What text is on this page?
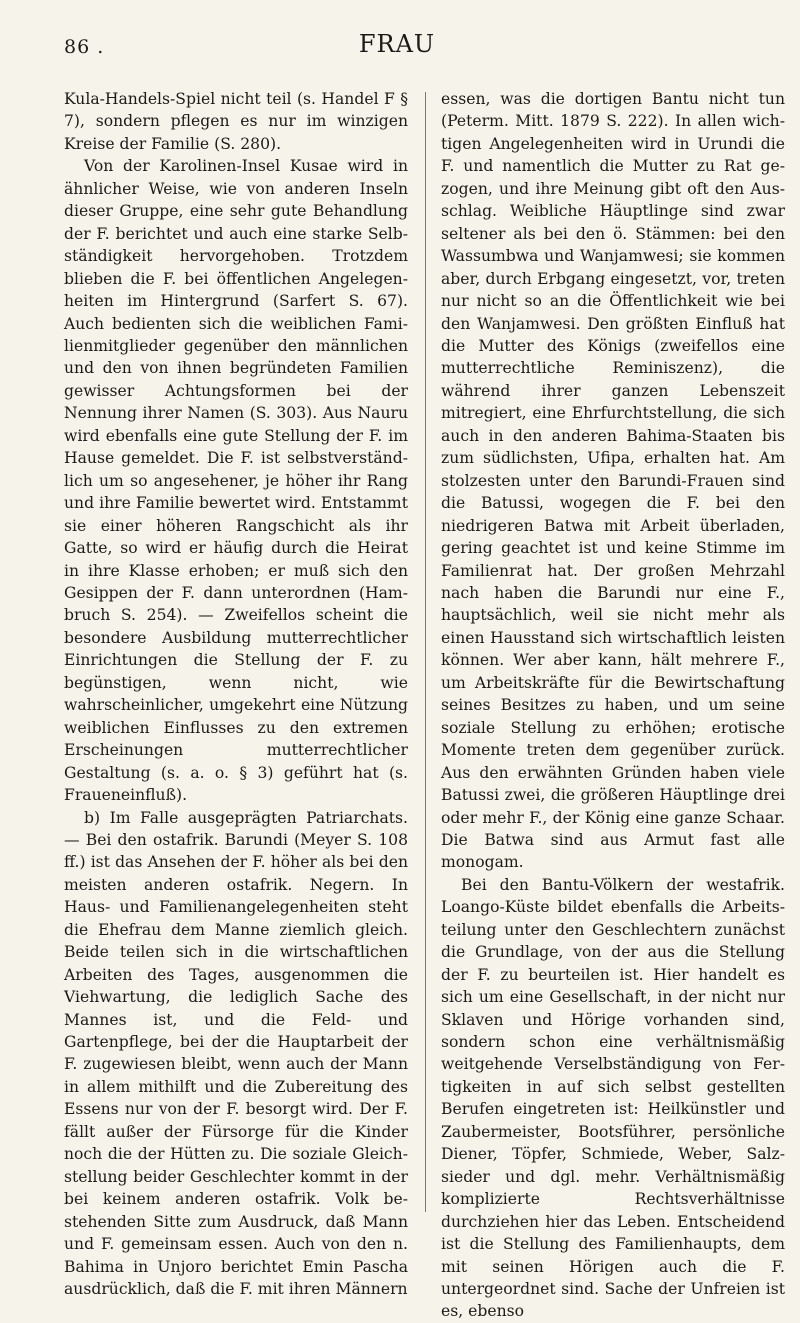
86 .	FRAU

Kula-Handels-Spiel nicht teil (s. Handel F § 7), sondern pflegen es nur im winzigen Kreise der Familie (S. 280).

Von der Karolinen-Insel Kusae wird in ähnlicher Weise, wie von anderen Inseln dieser Gruppe, eine sehr gute Behandlung der F. berichtet und auch eine starke Selbständigkeit hervorgehoben. Trotzdem blieben die F. bei öffentlichen Angelegenheiten im Hintergrund (Sarfert S. 67). Auch bedienten sich die weiblichen Familienmitglieder gegenüber den männlichen und den von ihnen begründeten Familien gewisser Achtungsformen bei der Nennung ihrer Namen (S. 303). Aus Nauru wird ebenfalls eine gute Stellung der F. im Hause gemeldet. Die F. ist selbstverständlich um so angesehener, je höher ihr Rang und ihre Familie bewertet wird. Entstammt sie einer höheren Rangschicht als ihr Gatte, so wird er häufig durch die Heirat in ihre Klasse erhoben; er muß sich den Gesippen der F. dann unterordnen (Hambruch S. 254). — Zweifellos scheint die besondere Ausbildung mutterrechtlicher Einrichtungen die Stellung der F. zu begünstigen, wenn nicht, wie wahrscheinlicher, umgekehrt eine Nützung weiblichen Einflusses zu den extremen Erscheinungen mutterrechtlicher Gestaltung (s. a. o. § 3) geführt hat (s. Fraueneinfluß).

b) Im Falle ausgeprägten Patriarchats. — Bei den ostafrik. Barundi (Meyer S. 108 ff.) ist das Ansehen der F. höher als bei den meisten anderen ostafrik. Negern. In Haus- und Familienangelegenheiten steht die Ehefrau dem Manne ziemlich gleich. Beide teilen sich in die wirtschaftlichen Arbeiten des Tages, ausgenommen die Viehwartung, die lediglich Sache des Mannes ist, und die Feld- und Gartenpflege, bei der die Hauptarbeit der F. zugewiesen bleibt, wenn auch der Mann in allem mithilft und die Zubereitung des Essens nur von der F. besorgt wird. Der F. fällt außer der Fürsorge für die Kinder noch die der Hütten zu. Die soziale Gleichstellung beider Geschlechter kommt in der bei keinem anderen ostafrik. Volk bestehenden Sitte zum Ausdruck, daß Mann und F. gemeinsam essen. Auch von den n. Bahima in Unjoro berichtet Emin Pascha ausdrücklich, daß die F. mit ihren Männern

essen, was die dortigen Bantu nicht tun (Peterm. Mitt. 1879 S. 222). In allen wichtigen Angelegenheiten wird in Urundi die F. und namentlich die Mutter zu Rat gezogen, und ihre Meinung gibt oft den Ausschlag. Weibliche Häuptlinge sind zwar seltener als bei den ö. Stämmen: bei den Wassumbwa und Wanjamwesi; sie kommen aber, durch Erbgang eingesetzt, vor, treten nur nicht so an die Öffentlichkeit wie bei den Wanjamwesi. Den größten Einfluß hat die Mutter des Königs (zweifellos eine mutterrechtliche Reminiszenz), die während ihrer ganzen Lebenszeit mitregiert, eine Ehrfurchtstellung, die sich auch in den anderen Bahima-Staaten bis zum südlichsten, Ufipa, erhalten hat. Am stolzesten unter den Barundi-Frauen sind die Batussi, wogegen die F. bei den niedrigeren Batwa mit Arbeit überladen, gering geachtet ist und keine Stimme im Familienrat hat. Der großen Mehrzahl nach haben die Barundi nur eine F., hauptsächlich, weil sie nicht mehr als einen Hausstand sich wirtschaftlich leisten können. Wer aber kann, hält mehrere F., um Arbeitskräfte für die Bewirtschaftung seines Besitzes zu haben, und um seine soziale Stellung zu erhöhen; erotische Momente treten dem gegenüber zurück. Aus den erwähnten Gründen haben viele Batussi zwei, die größeren Häuptlinge drei oder mehr F., der König eine ganze Schaar. Die Batwa sind aus Armut fast alle monogam.

Bei den Bantu-Völkern der westafrik. Loango-Küste bildet ebenfalls die Arbeitsteilung unter den Geschlechtern zunächst die Grundlage, von der aus die Stellung der F. zu beurteilen ist. Hier handelt es sich um eine Gesellschaft, in der nicht nur Sklaven und Hörige vorhanden sind, sondern schon eine verhältnismäßig weitgehende Verselbständigung von Fertigkeiten in auf sich selbst gestellten Berufen eingetreten ist: Heilkünstler und Zaubermeister, Bootsführer, persönliche Diener, Töpfer, Schmiede, Weber, Salzsieder und dgl. mehr. Verhältnismäßig komplizierte Rechtsverhältnisse durchziehen hier das Leben. Entscheidend ist die Stellung des Familienhaupts, dem mit seinen Hörigen auch die F. untergeordnet sind. Sache der Unfreien ist es, ebenso
